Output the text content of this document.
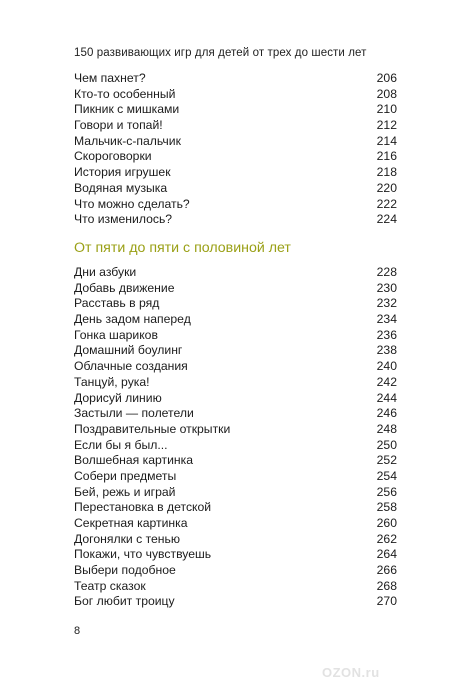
150 развивающих игр для детей от трех до шести лет
Чем пахнет?	206
Кто-то особенный	208
Пикник с мишками	210
Говори и топай!	212
Мальчик-с-пальчик	214
Скороговорки	216
История игрушек	218
Водяная музыка	220
Что можно сделать?	222
Что изменилось?	224
От пяти до пяти с половиной лет
Дни азбуки	228
Добавь движение	230
Расставь в ряд	232
День задом наперед	234
Гонка шариков	236
Домашний боулинг	238
Облачные создания	240
Танцуй, рука!	242
Дорисуй линию	244
Застыли — полетели	246
Поздравительные открытки	248
Если бы я был...	250
Волшебная картинка	252
Собери предметы	254
Бей, режь и играй	256
Перестановка в детской	258
Секретная картинка	260
Догонялки с тенью	262
Покажи, что чувствуешь	264
Выбери подобное	266
Театр сказок	268
Бог любит троицу	270
8
OZON.ru
